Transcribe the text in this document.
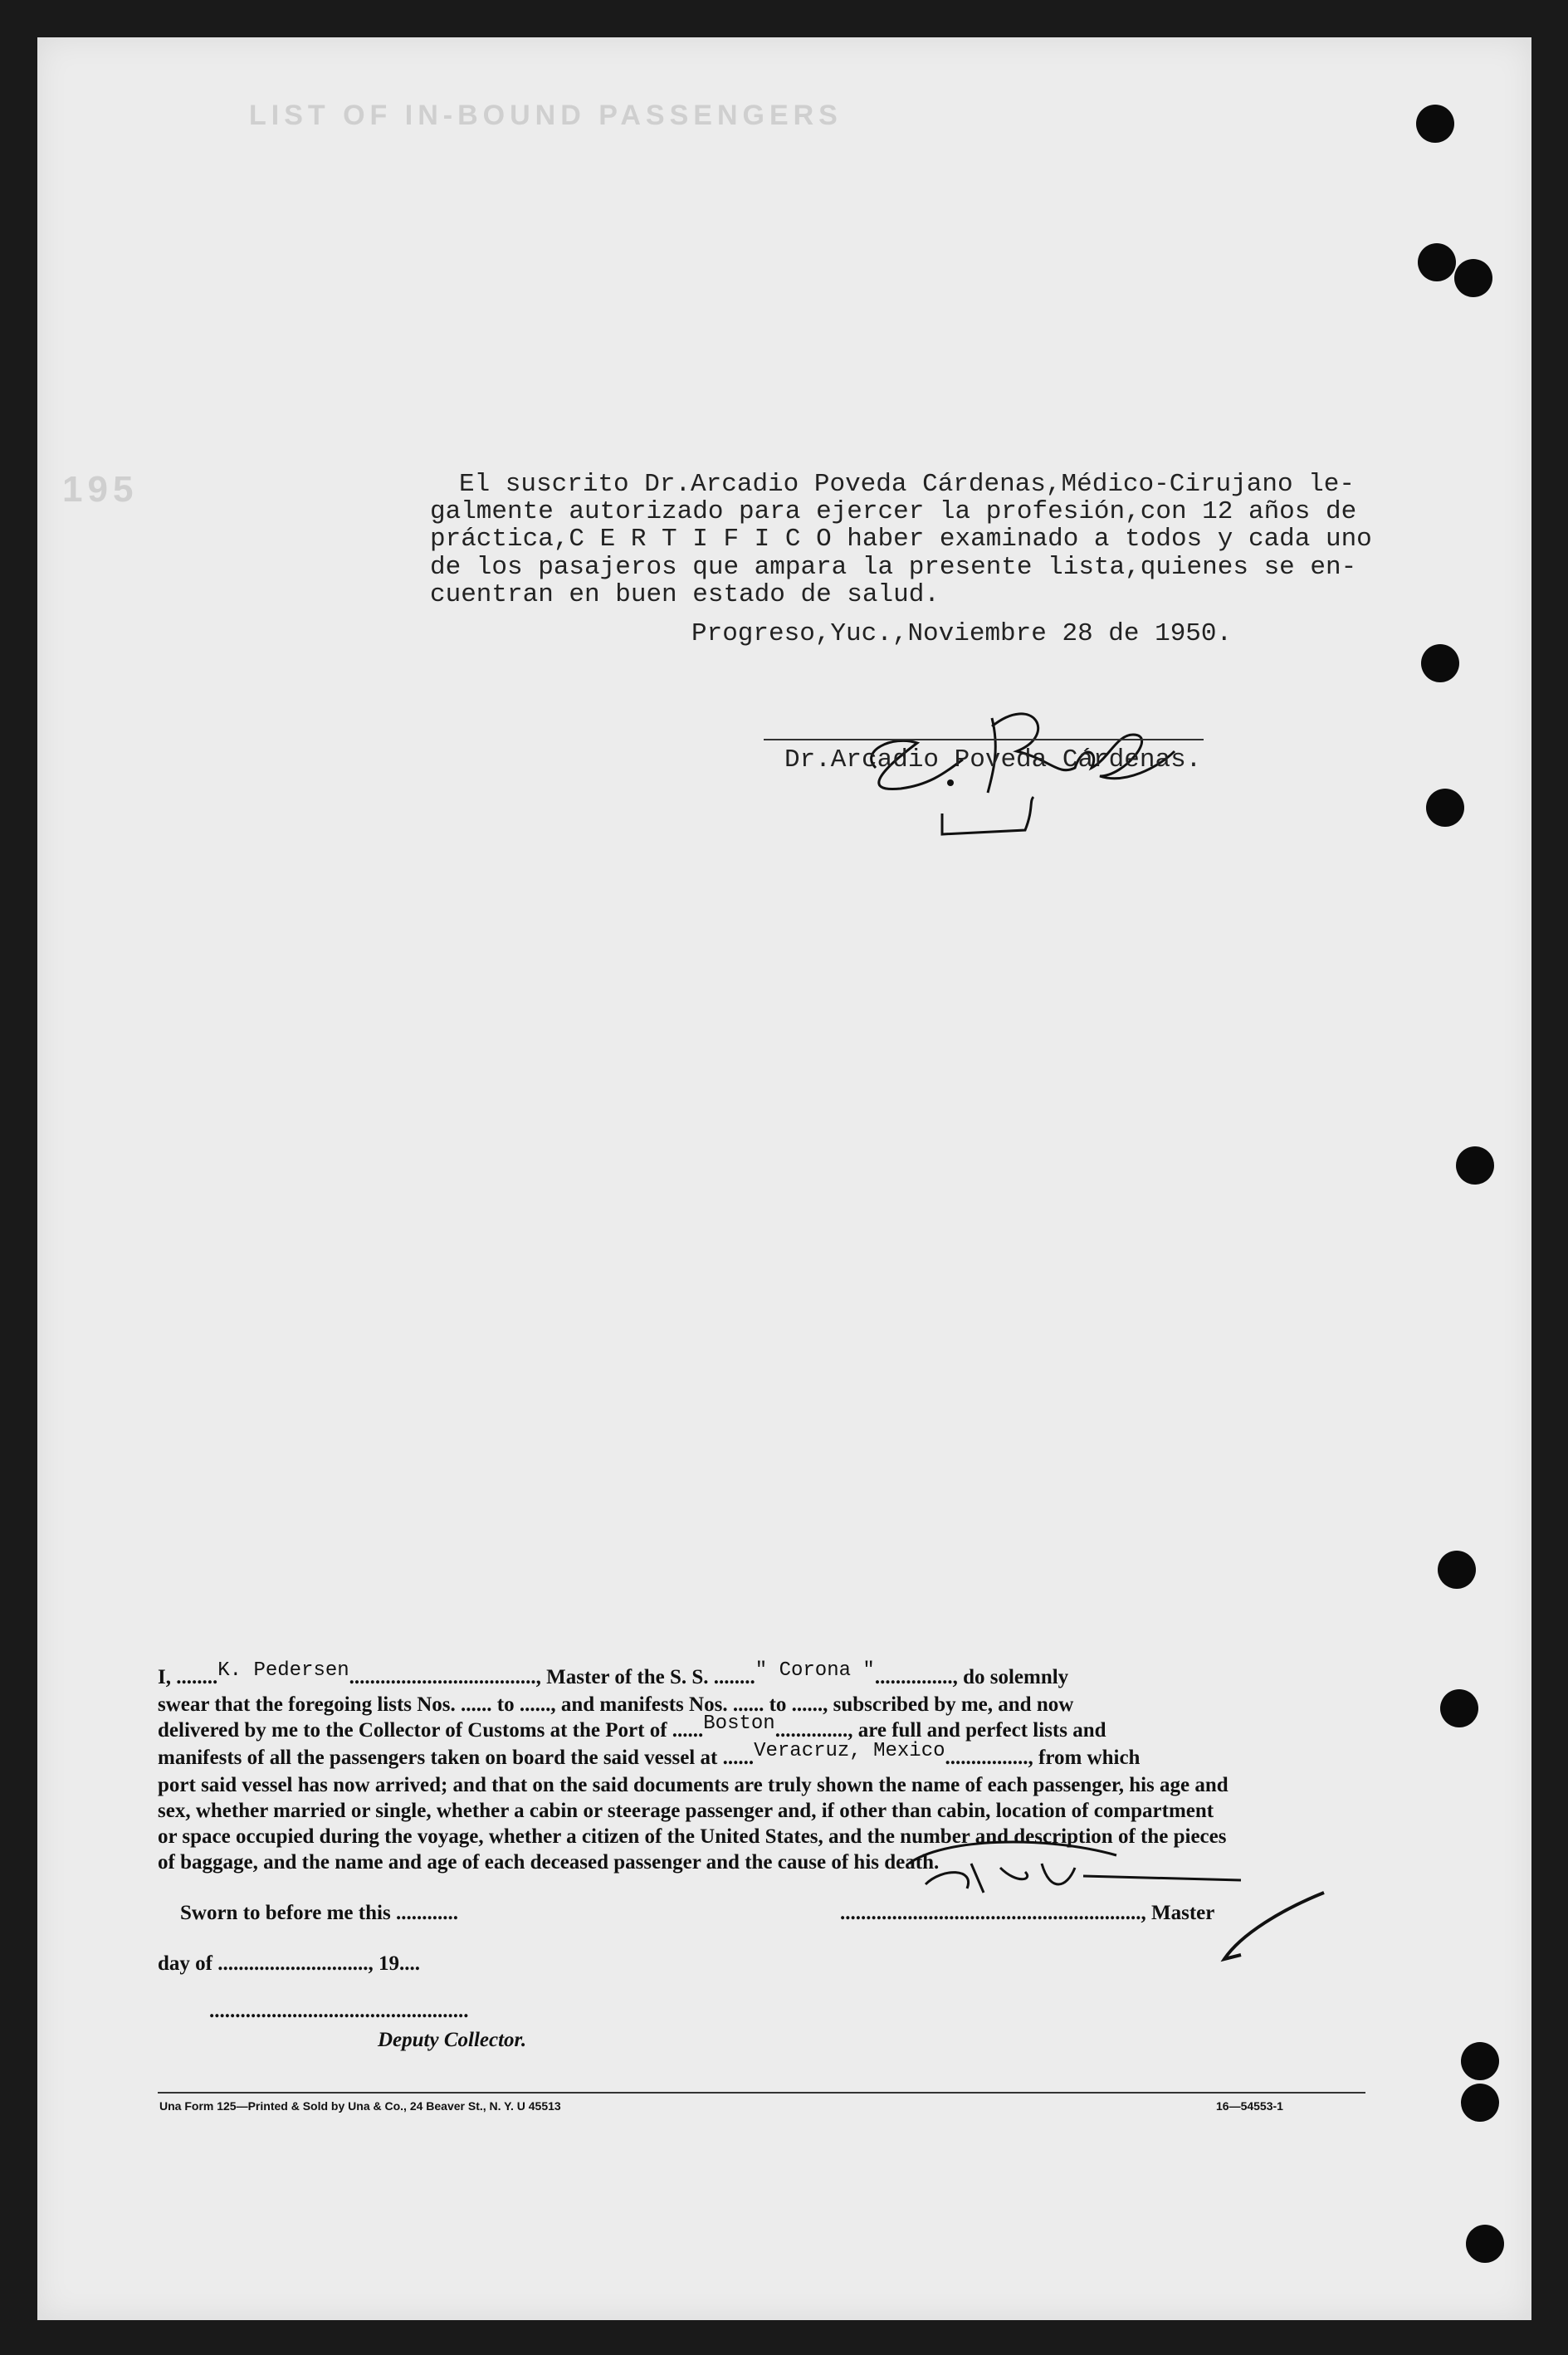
LIST OF IN-BOUND PASSENGERS
195	El suscrito Dr.Arcadio Poveda Cárdenas,Médico-Cirujano le-
galmente autorizado para ejercer la profesión,con 12 años de
práctica,C E R T I F I C O haber examinado a todos y cada uno
de los pasajeros que ampara la presente lista,quienes se en-
cuentran en buen estado de salud.
Progreso,Yuc.,Noviembre 28 de 1950.
Dr.Arcadio Poveda Cárdenas.

I, ........K. Pedersen...................................., Master of the S. S. ........" Corona "..............., do solemnly

swear that the foregoing lists Nos. ...... to ......, and manifests Nos. ...... to ......, subscribed by me, and now

delivered by me to the Collector of Customs at the Port of ......Boston.............., are full and perfect lists and

manifests of all the passengers taken on board the said vessel at ......Veracruz, Mexico................, from which

port said vessel has now arrived; and that on the said documents are truly shown the name of each passenger, his age and

sex, whether married or single, whether a cabin or steerage passenger and, if other than cabin, location of compartment

or space occupied during the voyage, whether a citizen of the United States, and the number and description of the pieces

of baggage, and the name and age of each deceased passenger and the cause of his death.

Sworn to before me this ............	.........................................................., Master
day of ............................., 19....
..................................................
Deputy Collector.
Una Form 125—Printed & Sold by Una & Co., 24 Beaver St., N. Y. U 45513	16—54553-1
